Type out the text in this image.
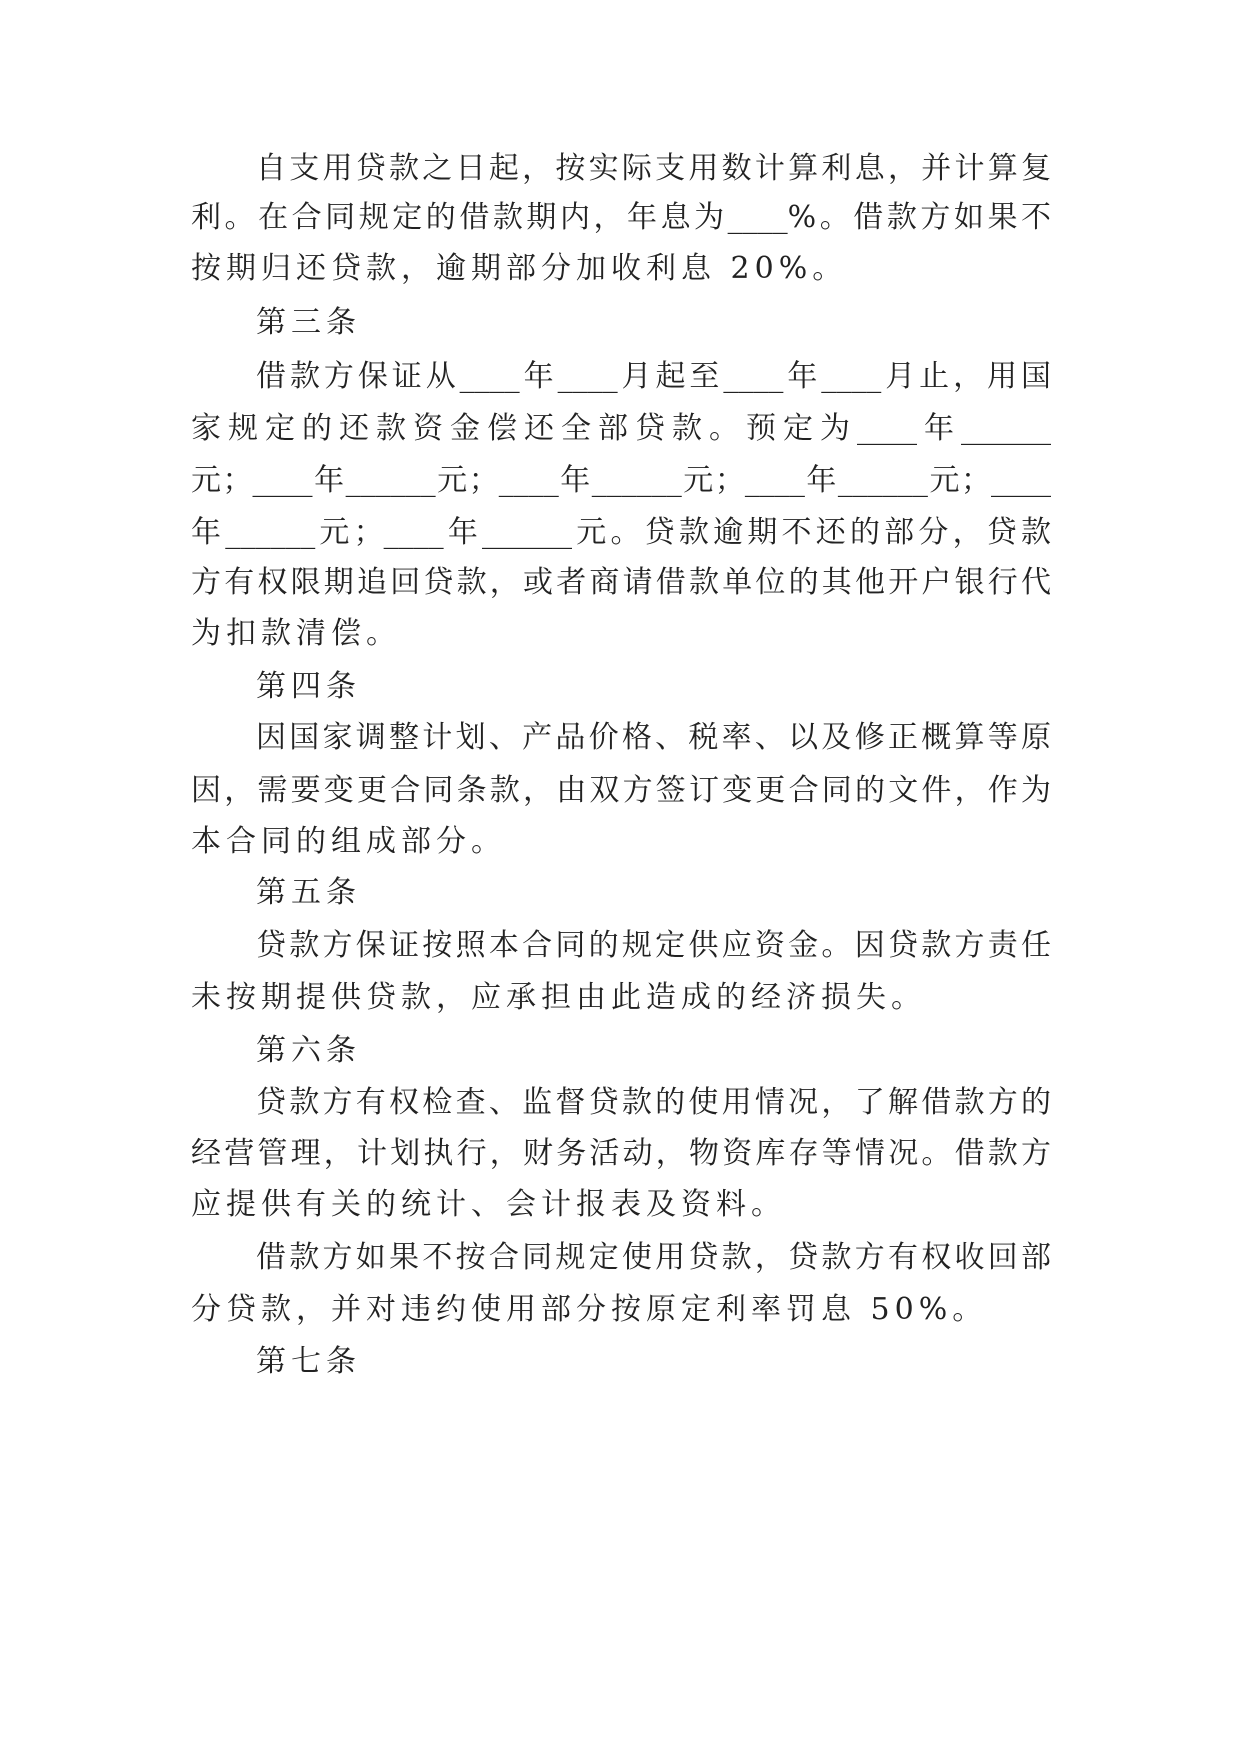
自支用贷款之日起，按实际支用数计算利息，并计算复
利。在合同规定的借款期内，年息为____%。借款方如果不
按期归还贷款，逾期部分加收利息 20%。
第三条
借款方保证从____年____月起至____年____月止，用国
家规定的还款资金偿还全部贷款。预定为____年______
元；____年______元；____年______元；____年______元；____
年______元；____年______元。贷款逾期不还的部分，贷款
方有权限期追回贷款，或者商请借款单位的其他开户银行代
为扣款清偿。
第四条
因国家调整计划、产品价格、税率、以及修正概算等原
因，需要变更合同条款，由双方签订变更合同的文件，作为
本合同的组成部分。
第五条
贷款方保证按照本合同的规定供应资金。因贷款方责任
未按期提供贷款，应承担由此造成的经济损失。
第六条
贷款方有权检查、监督贷款的使用情况，了解借款方的
经营管理，计划执行，财务活动，物资库存等情况。借款方
应提供有关的统计、会计报表及资料。
借款方如果不按合同规定使用贷款，贷款方有权收回部
分贷款，并对违约使用部分按原定利率罚息 50%。
第七条
